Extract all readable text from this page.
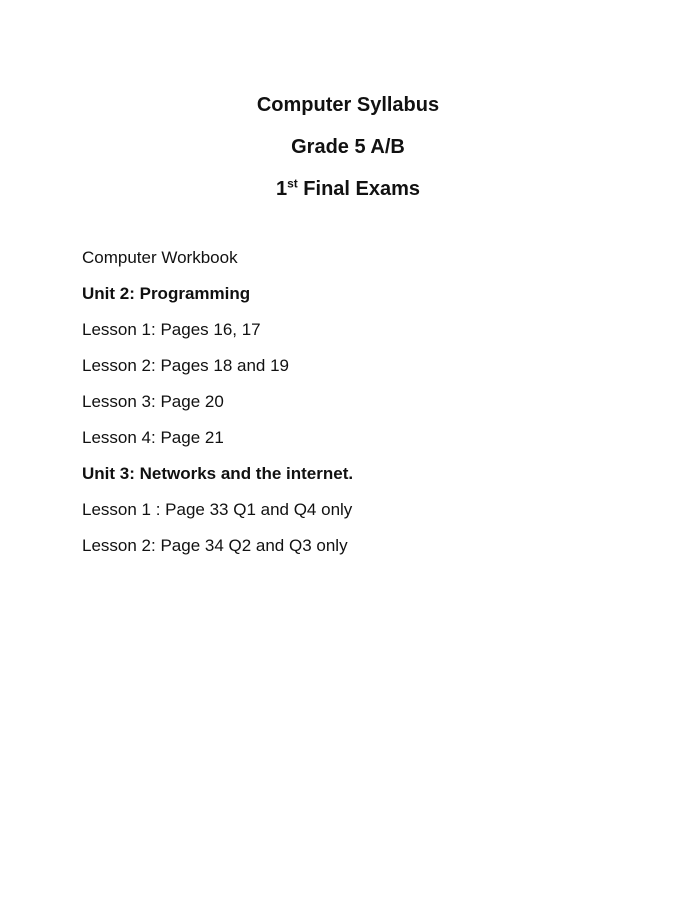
Computer Syllabus
Grade 5 A/B
1st Final Exams
Computer Workbook
Unit 2: Programming
Lesson 1: Pages 16, 17
Lesson 2: Pages 18 and 19
Lesson 3: Page 20
Lesson 4: Page 21
Unit 3: Networks and the internet.
Lesson 1 : Page 33 Q1 and Q4 only
Lesson 2: Page 34 Q2 and Q3 only
